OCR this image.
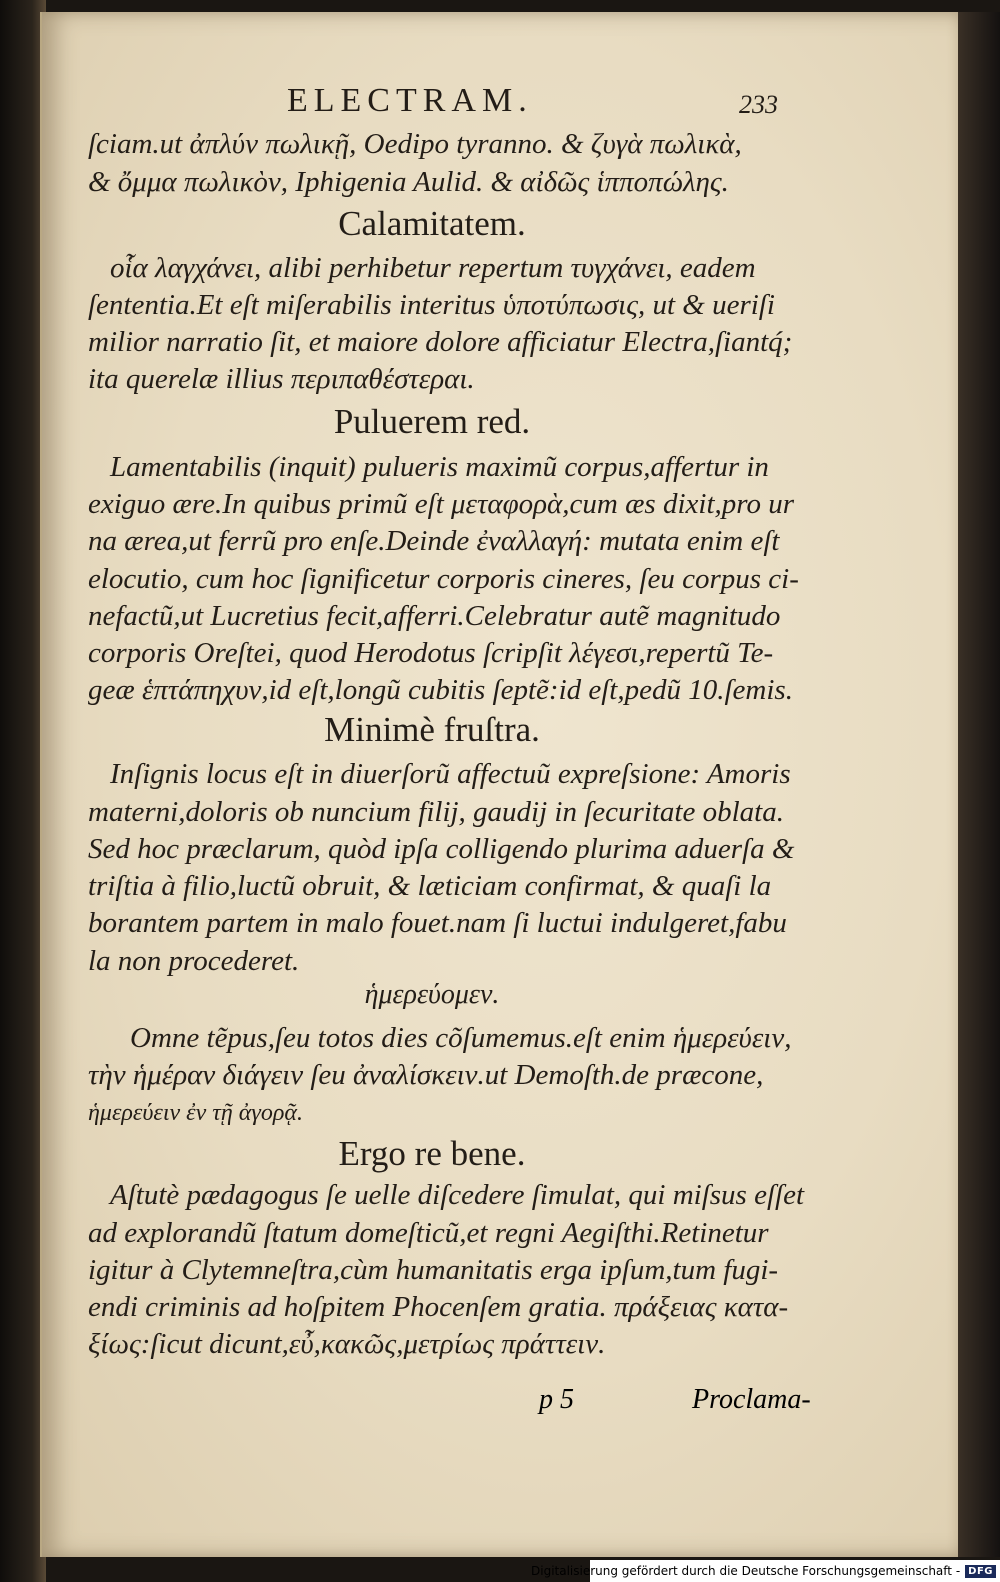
ELECTRAM.	233
ſciam.ut ἀπλύν πωλικῇ, Oedipo tyranno. & ζυγὰ πωλικὰ,
& ὄμμα πωλικὸν, Iphigenia Aulid. & αἰδῶς ἱπποπώλης.
Calamitatem.
οἷα λαγχάνει, alibi perhibetur repertum τυγχάνει, eadem
ſententia.Et eſt miſerabilis interitus ὑποτύπωσις, ut & ueriſi
milior narratio ſit, et maiore dolore afficiatur Electra,ſiantq́;
ita querelæ illius περιπαθέστεραι.
Puluerem red.
Lamentabilis (inquit) pulueris maximũ corpus,affertur in
exiguo ære.In quibus primũ eſt μεταφορὰ,cum æs dixit,pro ur
na ærea,ut ferrũ pro enſe.Deinde ἐναλλαγή: mutata enim eſt
elocutio, cum hoc ſignificetur corporis cineres, ſeu corpus ci-
nefactũ,ut Lucretius fecit,afferri.Celebratur autẽ magnitudo
corporis Oreſtei, quod Herodotus ſcripſit λέγεσι,repertũ Te-
geæ ἑπτάπηχυν,id eſt,longũ cubitis ſeptẽ:id eſt,pedũ 10.ſemis.
Minimè fruſtra.
Inſignis locus eſt in diuerſorũ affectuũ expreſsione: Amoris
materni,doloris ob nuncium filij, gaudij in ſecuritate oblata.
Sed hoc præclarum, quòd ipſa colligendo plurima aduerſa &
triſtia à filio,luctũ obruit, & læticiam confirmat, & quaſi la
borantem partem in malo fouet.nam ſi luctui indulgeret,fabu
la non procederet.
ἡμερεύομεν.
Omne tẽpus,ſeu totos dies cõſumemus.eſt enim ἡμερεύειν,
τὴν ἡμέραν διάγειν ſeu ἀναλίσκειν.ut Demoſth.de præcone,
ἡμερεύειν ἐν τῇ ἀγορᾷ.
Ergo re bene.
Aſtutè pædagogus ſe uelle diſcedere ſimulat, qui miſsus eſſet
ad explorandũ ſtatum domeſticũ,et regni Aegiſthi.Retinetur
igitur à Clytemneſtra,cùm humanitatis erga ipſum,tum fugi-
endi criminis ad hoſpitem Phocenſem gratia. πράξειας κατα-
ξίως:ſicut dicunt,εὖ,κακῶς,μετρίως πράττειν.
p 5	Proclama-
Digitalisierung gefördert durch die Deutsche Forschungsgemeinschaft - DFG
